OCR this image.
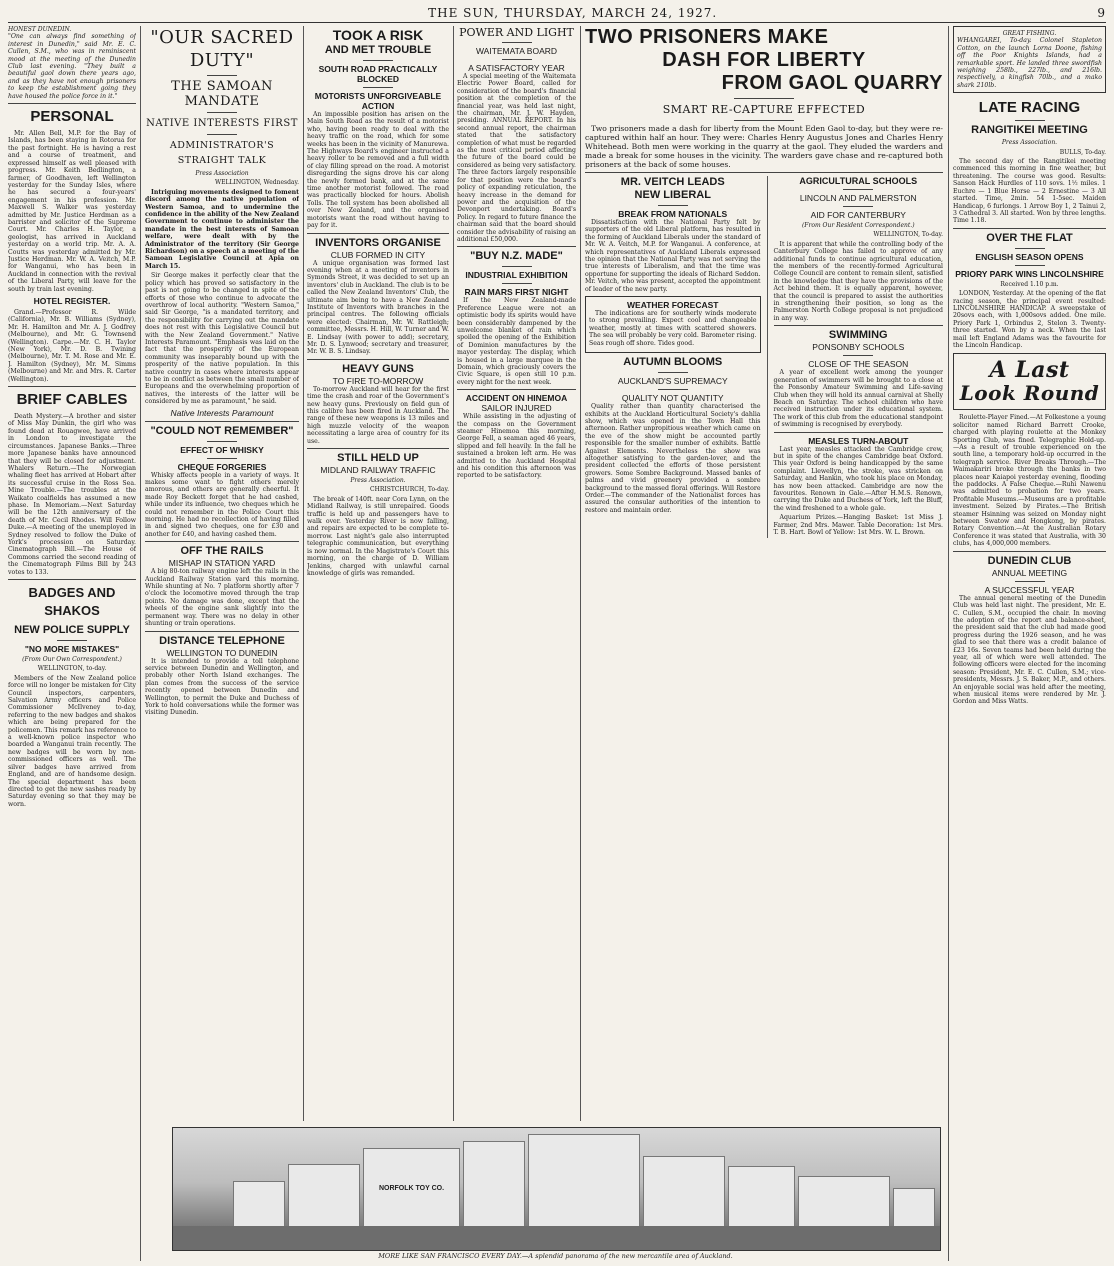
THE SUN, THURSDAY, MARCH 24, 1927.	9
HONEST DUNEDIN.
"One can always find something of interest in Dunedin," said Mr. E. C. Cullen, S.M., who was in reminiscent mood at the meeting of the Dunedin Club last evening. "They built a beautiful gaol down there years ago, and as they have not enough prisoners to keep the establishment going they have housed the police force in it."
PERSONAL

Mr. Allen Bell, M.P. for the Bay of Islands, has been staying in Rotorua for the past fortnight. He is having a rest and a course of treatment, and expressed himself as well pleased with progress. Mr. Keith Bedlington, a farmer, of Goodhaven, left Wellington yesterday for the Sunday Isles, where he has secured a four-years' engagement in his profession. Mr. Maxwell S. Walker was yesterday admitted by Mr. Justice Herdman as a barrister and solicitor of the Supreme Court. Mr. Charles H. Taylor, a geologist, has arrived in Auckland yesterday on a world trip. Mr. A. A. Coutts was yesterday admitted by Mr. Justice Herdman. Mr. W. A. Veitch, M.P. for Wanganui, who has been in Auckland in connection with the revival of the Liberal Party, will leave for the south by train last evening.

HOTEL REGISTER.

Grand.—Professor R. Wilde (California), Mr. B. Williams (Sydney), Mr. H. Hamilton and Mr. A. J. Godfrey (Melbourne), and Mr. G. Townsend (Wellington). Carpe.—Mr. C. H. Taylor (New York), Mr. D. B. Twining (Melbourne), Mr. T. M. Rose and Mr. E. J. Hamilton (Sydney), Mr. M. Simms (Melbourne) and Mr. and Mrs. R. Carter (Wellington).

BRIEF CABLES

Death Mystery.—A brother and sister of Miss May Dunkin, the girl who was found dead at Rouagwee, have arrived in London to investigate the circumstances. Japanese Banks.—Three more Japanese banks have announced that they will be closed for adjustment. Whalers Return.—The Norwegian whaling fleet has arrived at Hobart after its successful cruise in the Ross Sea. Mine Trouble.—The troubles at the Waikato coalfields has assumed a new phase. In Memoriam.—Next Saturday will be the 12th anniversary of the death of Mr. Cecil Rhodes. Will Follow Duke.—A meeting of the unemployed in Sydney resolved to follow the Duke of York's procession on Saturday. Cinematograph Bill.—The House of Commons carried the second reading of the Cinematograph Films Bill by 243 votes to 133.

BADGES AND SHAKOS
NEW POLICE SUPPLY
"NO MORE MISTAKES"
(From Our Own Correspondent.)
WELLINGTON, to-day.

Members of the New Zealand police force will no longer be mistaken for City Council inspectors, carpenters, Salvation Army officers and Police Commissioner McIlveney to-day, referring to the new badges and shakos which are being prepared for the policemen. This remark has reference to a well-known police inspector who boarded a Wanganui train recently. The new badges will be worn by non-commissioned officers as well. The silver badges have arrived from England, and are of handsome design. The special department has been directed to get the new sashes ready by Saturday evening so that they may be worn.

"OUR SACRED DUTY"
THE SAMOAN MANDATE
NATIVE INTERESTS FIRST
ADMINISTRATOR'S STRAIGHT TALK
Press Association
WELLINGTON, Wednesday.

Intriguing movements designed to foment discord among the native population of Western Samoa, and to undermine the confidence in the ability of the New Zealand Government to continue to administer the mandate in the best interests of Samoan welfare, were dealt with by the Administrator of the territory (Sir George Richardson) on a speech at a meeting of the Samoan Legislative Council at Apia on March 15.

Sir George makes it perfectly clear that the policy which has proved so satisfactory in the past is not going to be changed in spite of the efforts of those who continue to advocate the overthrow of local authority. "Western Samoa," said Sir George, "is a mandated territory, and the responsibility for carrying out the mandate does not rest with this Legislative Council but with the New Zealand Government." Native Interests Paramount. "Emphasis was laid on the fact that the prosperity of the European community was inseparably bound up with the prosperity of the native population. In this native country in cases where interests appear to be in conflict as between the small number of Europeans and the overwhelming proportion of natives, the interests of the latter will be considered by me as paramount," he said.

Native Interests Paramount
"COULD NOT REMEMBER"
EFFECT OF WHISKY
CHEQUE FORGERIES

Whisky affects people in a variety of ways. It makes some want to fight others merely amorous, and others are generally cheerful. It made Roy Beckett forget that he had cashed, while under its influence, two cheques which he could not remember in the Police Court this morning. He had no recollection of having filled in and signed two cheques, one for £30 and another for £40, and having cashed them.

OFF THE RAILS
MISHAP IN STATION YARD

A big 80-ton railway engine left the rails in the Auckland Railway Station yard this morning. While shunting at No. 7 platform shortly after 7 o'clock the locomotive moved through the trap points. No damage was done, except that the wheels of the engine sank slightly into the permanent way. There was no delay in other shunting or train operations.

DISTANCE TELEPHONE
WELLINGTON TO DUNEDIN

It is intended to provide a toll telephone service between Dunedin and Wellington, and probably other North Island exchanges. The plan comes from the success of the service recently opened between Dunedin and Wellington, to permit the Duke and Duchess of York to hold conversations while the former was visiting Dunedin.

TOOK A RISK
AND MET TROUBLE
SOUTH ROAD PRACTICALLY BLOCKED
MOTORISTS UNFORGIVEABLE ACTION

An impossible position has arisen on the Main South Road as the result of a motorist who, having been ready to deal with the heavy traffic on the road, which for some weeks has been in the vicinity of Manurewa. The Highways Board's engineer instructed a heavy roller to be removed and a full width of clay filling spread on the road. A motorist disregarding the signs drove his car along the newly formed bank, and at the same time another motorist followed. The road was practically blocked for hours. Abolish Tolls. The toll system has been abolished all over New Zealand, and the organised motorists want the road without having to pay for it.

INVENTORS ORGANISE
CLUB FORMED IN CITY

A unique organisation was formed last evening when at a meeting of inventors in Symonds Street, it was decided to set up an inventors' club in Auckland. The club is to be called the New Zealand Inventors' Club, the ultimate aim being to have a New Zealand Institute of Inventors with branches in the principal centres. The following officials were elected: Chairman, Mr. W. Rattleigh; committee, Messrs. H. Hill, W. Turner and W. E. Lindsay (with power to add); secretary, Mr. D. S. Lynwood; secretary and treasurer, Mr. W. B. S. Lindsay.

HEAVY GUNS
TO FIRE TO-MORROW

To-morrow Auckland will hear for the first time the crash and roar of the Government's new heavy guns. Previously on field gun of this calibre has been fired in Auckland. The range of these new weapons is 13 miles and high muzzle velocity of the weapon necessitating a large area of country for its use.

STILL HELD UP
MIDLAND RAILWAY TRAFFIC
Press Association.
CHRISTCHURCH, To-day.

The break of 140ft. near Cora Lynn, on the Midland Railway, is still unrepaired. Goods traffic is held up and passengers have to walk over. Yesterday River is now falling, and repairs are expected to be complete to-morrow. Last night's gale also interrupted telegraphic communication, but everything is now normal. In the Magistrate's Court this morning, on the charge of D. William Jenkins, charged with unlawful carnal knowledge of girls was remanded.

POWER AND LIGHT
WAITEMATA BOARD
A SATISFACTORY YEAR

A special meeting of the Waitemata Electric Power Board, called for consideration of the board's financial position at the completion of the financial year, was held last night, the chairman, Mr. J. W. Hayden, presiding. ANNUAL REPORT. In his second annual report, the chairman stated that the satisfactory completion of what must be regarded as the most critical period affecting the future of the board could be considered as being very satisfactory. The three factors largely responsible for that position were the board's policy of expanding reticulation, the heavy increase in the demand for power and the acquisition of the Devonport undertaking. Board's Policy. In regard to future finance the chairman said that the board should consider the advisability of raising an additional £50,000.

"BUY N.Z. MADE"
INDUSTRIAL EXHIBITION
RAIN MARS FIRST NIGHT

If the New Zealand-made Preference League were not an optimistic body its spirits would have been considerably dampened by the unwelcome blanket of rain which spoiled the opening of the Exhibition of Dominion manufactures by the mayor yesterday. The display, which is housed in a large marquee in the Domain, which graciously covers the Civic Square, is open still 10 p.m. every night for the next week.

ACCIDENT ON HINEMOA
SAILOR INJURED

While assisting in the adjusting of the compass on the Government steamer Hinemoa this morning, George Fell, a seaman aged 46 years, slipped and fell heavily. In the fall he sustained a broken left arm. He was admitted to the Auckland Hospital and his condition this afternoon was reported to be satisfactory.

TWO PRISONERS MAKE
DASH FOR LIBERTY
FROM GAOL QUARRY
SMART RE-CAPTURE EFFECTED

Two prisoners made a dash for liberty from the Mount Eden Gaol to-day, but they were re-captured within half an hour. They were: Charles Henry Augustus Jones and Charles Henry Whitehead. Both men were working in the quarry at the gaol. They eluded the warders and made a break for some houses in the vicinity. The warders gave chase and re-captured both prisoners at the back of some houses.

MR. VEITCH LEADS
NEW LIBERAL
BREAK FROM NATIONALS

Dissatisfaction with the National Party felt by supporters of the old Liberal platform, has resulted in the forming of Auckland Liberals under the standard of Mr. W. A. Veitch, M.P. for Wanganui. A conference, at which representatives of Auckland Liberals expressed the opinion that the National Party was not serving the true interests of Liberalism, and that the time was opportune for supporting the ideals of Richard Seddon. Mr. Veitch, who was present, accepted the appointment of leader of the new party.

WEATHER FORECAST

The indications are for southerly winds moderate to strong prevailing. Expect cool and changeable weather, mostly at times with scattered showers. The sea will probably be very cold. Barometer rising. Seas rough off shore. Tides good.

AUTUMN BLOOMS
AUCKLAND'S SUPREMACY
QUALITY NOT QUANTITY

Quality rather than quantity characterised the exhibits at the Auckland Horticultural Society's dahlia show, which was opened in the Town Hall this afternoon. Rather unpropitious weather which came on the eve of the show might be accounted partly responsible for the smaller number of exhibits. Battle Against Elements. Nevertheless the show was altogether satisfying to the garden-lover, and the president collected the efforts of those persistent growers. Some Sombre Background. Massed banks of palms and vivid greenery provided a sombre background to the massed floral offerings. Will Restore Order.—The commander of the Nationalist forces has assured the consular authorities of the intention to restore and maintain order.

AGRICULTURAL SCHOOLS
LINCOLN AND PALMERSTON
AID FOR CANTERBURY
(From Our Resident Correspondent.)
WELLINGTON, To-day.

It is apparent that while the controlling body of the Canterbury College has failed to approve of any additional funds to continue agricultural education, the members of the recently-formed Agricultural College Council are content to remain silent, satisfied in the knowledge that they have the provisions of the Act behind them. It is equally apparent, however, that the council is prepared to assist the authorities in strengthening their position, so long as the Palmerston North College proposal is not prejudiced in any way.

SWIMMING
PONSONBY SCHOOLS
CLOSE OF THE SEASON

A year of excellent work among the younger generation of swimmers will be brought to a close at the Ponsonby Amateur Swimming and Life-saving Club when they will hold its annual carnival at Shelly Beach on Saturday. The school children who have received instruction under its educational system. The work of this club from the educational standpoint of swimming is recognised by everybody.

MEASLES TURN-ABOUT

Last year, measles attacked the Cambridge crew, but in spite of the changes Cambridge beat Oxford. This year Oxford is being handicapped by the same complaint. Llewellyn, the stroke, was stricken on Saturday, and Hankin, who took his place on Monday, has now been attacked. Cambridge are now the favourites. Renown in Gale.—After H.M.S. Renown, carrying the Duke and Duchess of York, left the Bluff, the wind freshened to a whole gale.

Aquarium Prizes.—Hanging Basket: 1st Miss J. Farmer, 2nd Mrs. Mawer. Table Decoration: 1st Mrs. T. B. Hart. Bowl of Yellow: 1st Mrs. W. L. Brown.

GREAT FISHING.
WHANGAREI, To-day. Colonel Stapleton Cotton, on the launch Lorna Doone, fishing off the Poor Knights Islands, had a remarkable sport. He landed three swordfish weighing 258lb., 227lb., and 216lb. respectively, a kingfish 70lb., and a mako shark 210lb.
LATE RACING
RANGITIKEI MEETING
Press Association.
BULLS, To-day.

The second day of the Rangitikei meeting commenced this morning in fine weather, but threatening. The course was good. Results: Sanson Hack Hurdles of 110 sovs. 1½ miles. 1 Euchre — 1 Blue Horse — 2 Ernestine — 3 All started. Time, 2min. 54 1-5sec. Maiden Handicap, 6 furlongs. 1 Arrow Boy 1, 2 Tainui 2, 3 Cathedral 3. All started. Won by three lengths. Time 1.18.

OVER THE FLAT
ENGLISH SEASON OPENS
PRIORY PARK WINS LINCOLNSHIRE
Received 1.10 p.m.

LONDON, Yesterday. At the opening of the flat racing season, the principal event resulted: LINCOLNSHIRE HANDICAP. A sweepstake of 20sovs each, with 1,000sovs added. One mile. Priory Park 1, Orbindus 2, Stelon 3. Twenty-three started. Won by a neck. When the last mail left England Adams was the favourite for the Lincoln Handicap.

A Last
Look Round

Roulette-Player Fined.—At Folkestone a young solicitor named Richard Barrett Crooke, charged with playing roulette at the Monkey Sporting Club, was fined. Telegraphic Hold-up.—As a result of trouble experienced on the south line, a temporary hold-up occurred in the telegraph service. River Breaks Through.—The Waimakariri broke through the banks in two places near Kaiapoi yesterday evening, flooding the paddocks. A False Cheque.—Ruhi Nawenu was admitted to probation for two years. Profitable Museums.—Museums are a profitable investment. Seized by Pirates.—The British steamer Hsinning was seized on Monday night between Swatow and Hongkong, by pirates. Rotary Convention.—At the Australian Rotary Conference it was stated that Australia, with 30 clubs, has 4,000,000 members.

DUNEDIN CLUB
ANNUAL MEETING
A SUCCESSFUL YEAR

The annual general meeting of the Dunedin Club was held last night. The president, Mr. E. C. Cullen, S.M., occupied the chair. In moving the adoption of the report and balance-sheet, the president said that the club had made good progress during the 1926 season, and he was glad to see that there was a credit balance of £23 16s. Seven teams had been held during the year, all of which were well attended. The following officers were elected for the incoming season: President, Mr. E. C. Cullen, S.M.; vice-presidents, Messrs. J. S. Baker, M.P., and others. An enjoyable social was held after the meeting, when musical items were rendered by Mr. J. Gordon and Miss Watts.

NORFOLK TOY CO.
MORE LIKE SAN FRANCISCO EVERY DAY.—A splendid panorama of the new mercantile area of Auckland.
